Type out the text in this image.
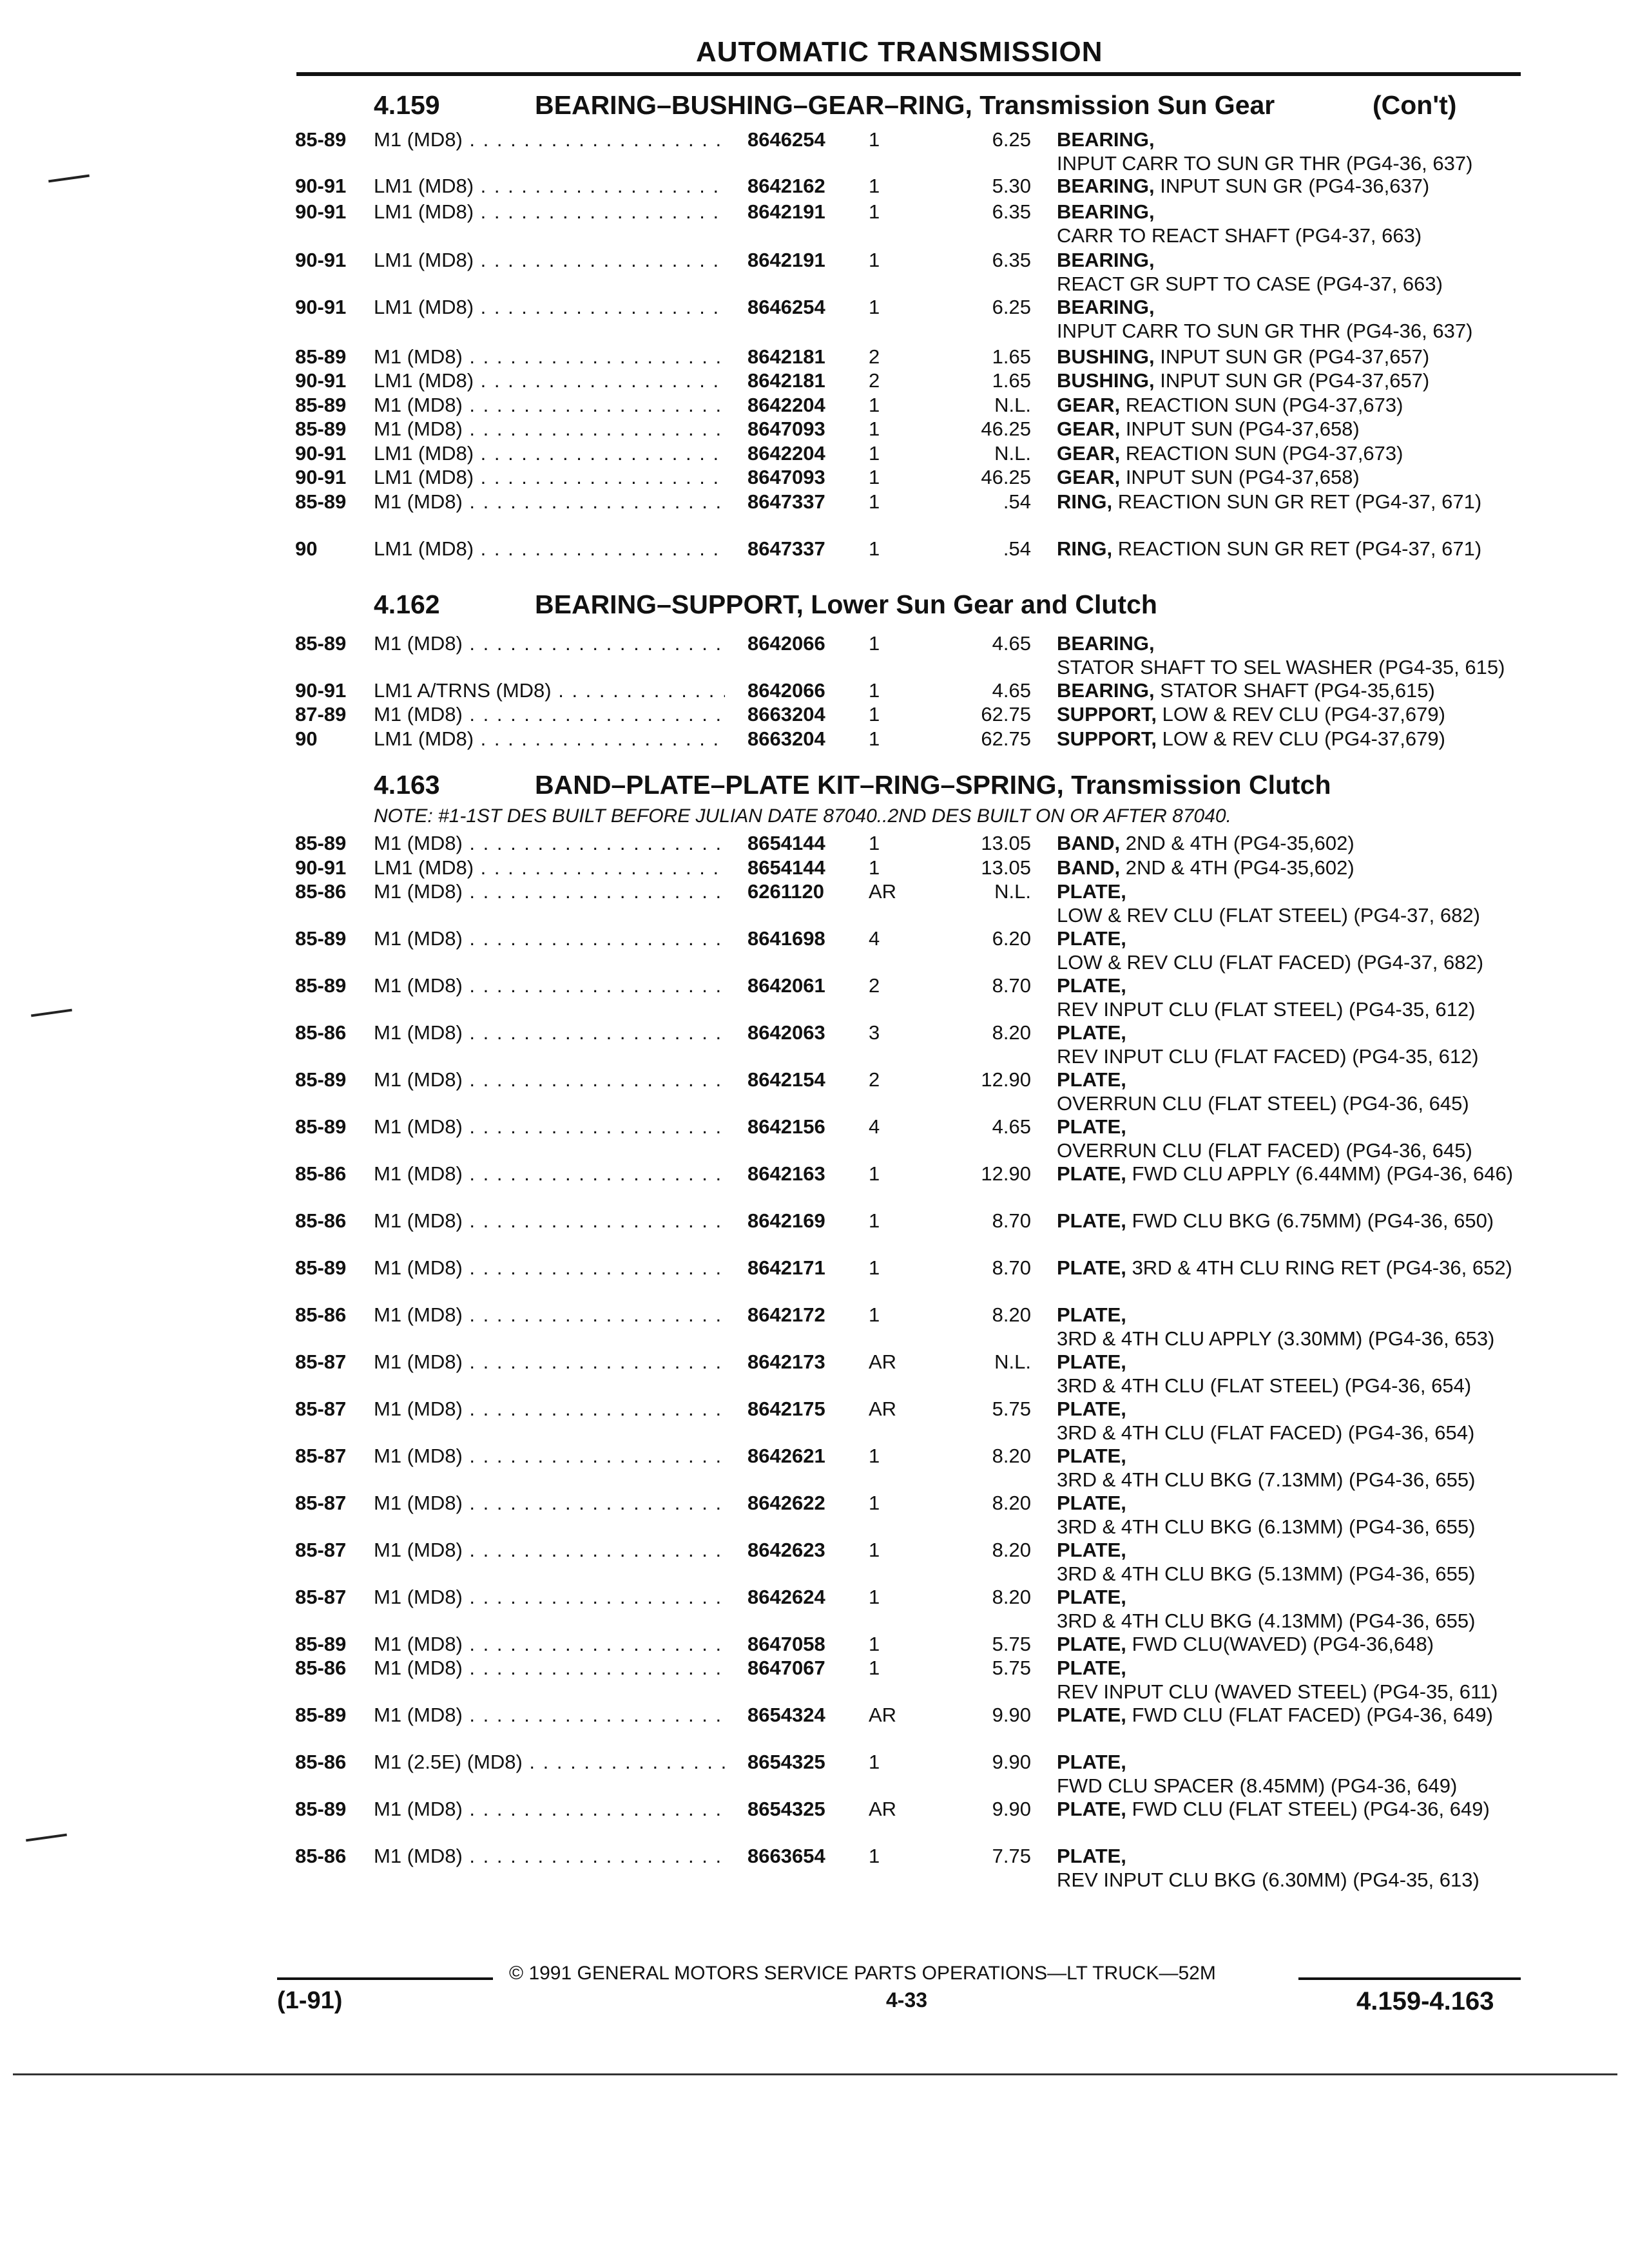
AUTOMATIC TRANSMISSION
4.159	BEARING–BUSHING–GEAR–RING, Transmission Sun Gear	(Con't)
85-89 M1 (MD8) . . .	8646254 1	6.25 BEARING, INPUT CARR TO SUN GR THR (PG4-36, 637)
90-91 LM1 (MD8) . . .	8642162 1	5.30 BEARING, INPUT SUN GR (PG4-36,637)
90-91 LM1 (MD8) . . .	8642191 1	6.35 BEARING, CARR TO REACT SHAFT (PG4-37, 663)
90-91 LM1 (MD8) . . .	8642191 1	6.35 BEARING, REACT GR SUPT TO CASE (PG4-37, 663)
90-91 LM1 (MD8) . . .	8646254 1	6.25 BEARING, INPUT CARR TO SUN GR THR (PG4-36, 637)
85-89 M1 (MD8) . . .	8642181 2	1.65 BUSHING, INPUT SUN GR (PG4-37,657)
90-91 LM1 (MD8) . . .	8642181 2	1.65 BUSHING, INPUT SUN GR (PG4-37,657)
85-89 M1 (MD8) . . .	8642204 1	N.L. GEAR, REACTION SUN (PG4-37,673)
85-89 M1 (MD8) . . .	8647093 1	46.25 GEAR, INPUT SUN (PG4-37,658)
90-91 LM1 (MD8) . . .	8642204 1	N.L. GEAR, REACTION SUN (PG4-37,673)
90-91 LM1 (MD8) . . .	8647093 1	46.25 GEAR, INPUT SUN (PG4-37,658)
85-89 M1 (MD8) . . .	8647337 1	.54 RING, REACTION SUN GR RET (PG4-37, 671)
90	LM1 (MD8) . . .	8647337 1	.54 RING, REACTION SUN GR RET (PG4-37, 671)
4.162	BEARING–SUPPORT, Lower Sun Gear and Clutch
85-89 M1 (MD8) . . .	8642066 1	4.65 BEARING, STATOR SHAFT TO SEL WASHER (PG4-35, 615)
90-91 LM1 A/TRNS (MD8) . . .	8642066 1	4.65 BEARING, STATOR SHAFT (PG4-35,615)
87-89 M1 (MD8) . . .	8663204 1	62.75 SUPPORT, LOW & REV CLU (PG4-37,679)
90	LM1 (MD8) . . .	8663204 1	62.75 SUPPORT, LOW & REV CLU (PG4-37,679)
4.163	BAND–PLATE–PLATE KIT–RING–SPRING, Transmission Clutch
NOTE: #1-1ST DES BUILT BEFORE JULIAN DATE 87040..2ND DES BUILT ON OR AFTER 87040.
85-89 M1 (MD8) . . .	8654144 1	13.05 BAND, 2ND & 4TH (PG4-35,602)
90-91 LM1 (MD8) . . .	8654144 1	13.05 BAND, 2ND & 4TH (PG4-35,602)
85-86 M1 (MD8) . . .	6261120 AR	N.L. PLATE, LOW & REV CLU (FLAT STEEL) (PG4-37, 682)
85-89 M1 (MD8) . . .	8641698 4	6.20 PLATE, LOW & REV CLU (FLAT FACED) (PG4-37, 682)
85-89 M1 (MD8) . . .	8642061 2	8.70 PLATE, REV INPUT CLU (FLAT STEEL) (PG4-35, 612)
85-86 M1 (MD8) . . .	8642063 3	8.20 PLATE, REV INPUT CLU (FLAT FACED) (PG4-35, 612)
85-89 M1 (MD8) . . .	8642154 2	12.90 PLATE, OVERRUN CLU (FLAT STEEL) (PG4-36, 645)
85-89 M1 (MD8) . . .	8642156 4	4.65 PLATE, OVERRUN CLU (FLAT FACED) (PG4-36, 645)
85-86 M1 (MD8) . . .	8642163 1	12.90 PLATE, FWD CLU APPLY (6.44MM) (PG4-36, 646)
85-86 M1 (MD8) . . .	8642169 1	8.70 PLATE, FWD CLU BKG (6.75MM) (PG4-36, 650)
85-89 M1 (MD8) . . .	8642171 1	8.70 PLATE, 3RD & 4TH CLU RING RET (PG4-36, 652)
85-86 M1 (MD8) . . .	8642172 1	8.20 PLATE, 3RD & 4TH CLU APPLY (3.30MM) (PG4-36, 653)
85-87 M1 (MD8) . . .	8642173 AR	N.L. PLATE, 3RD & 4TH CLU (FLAT STEEL) (PG4-36, 654)
85-87 M1 (MD8) . . .	8642175 AR	5.75 PLATE, 3RD & 4TH CLU (FLAT FACED) (PG4-36, 654)
85-87 M1 (MD8) . . .	8642621 1	8.20 PLATE, 3RD & 4TH CLU BKG (7.13MM) (PG4-36, 655)
85-87 M1 (MD8) . . .	8642622 1	8.20 PLATE, 3RD & 4TH CLU BKG (6.13MM) (PG4-36, 655)
85-87 M1 (MD8) . . .	8642623 1	8.20 PLATE, 3RD & 4TH CLU BKG (5.13MM) (PG4-36, 655)
85-87 M1 (MD8) . . .	8642624 1	8.20 PLATE, 3RD & 4TH CLU BKG (4.13MM) (PG4-36, 655)
85-89 M1 (MD8) . . .	8647058 1	5.75 PLATE, FWD CLU(WAVED) (PG4-36,648)
85-86 M1 (MD8) . . .	8647067 1	5.75 PLATE, REV INPUT CLU (WAVED STEEL) (PG4-35, 611)
85-89 M1 (MD8) . . .	8654324 AR	9.90 PLATE, FWD CLU (FLAT FACED) (PG4-36, 649)
85-86 M1 (2.5E) (MD8) . . .	8654325 1	9.90 PLATE, FWD CLU SPACER (8.45MM) (PG4-36, 649)
85-89 M1 (MD8) . . .	8654325 AR	9.90 PLATE, FWD CLU (FLAT STEEL) (PG4-36, 649)
85-86 M1 (MD8) . . .	8663654 1	7.75 PLATE, REV INPUT CLU BKG (6.30MM) (PG4-35, 613)
© 1991 GENERAL MOTORS SERVICE PARTS OPERATIONS—LT TRUCK—52M
(1-91)	4-33	4.159-4.163
